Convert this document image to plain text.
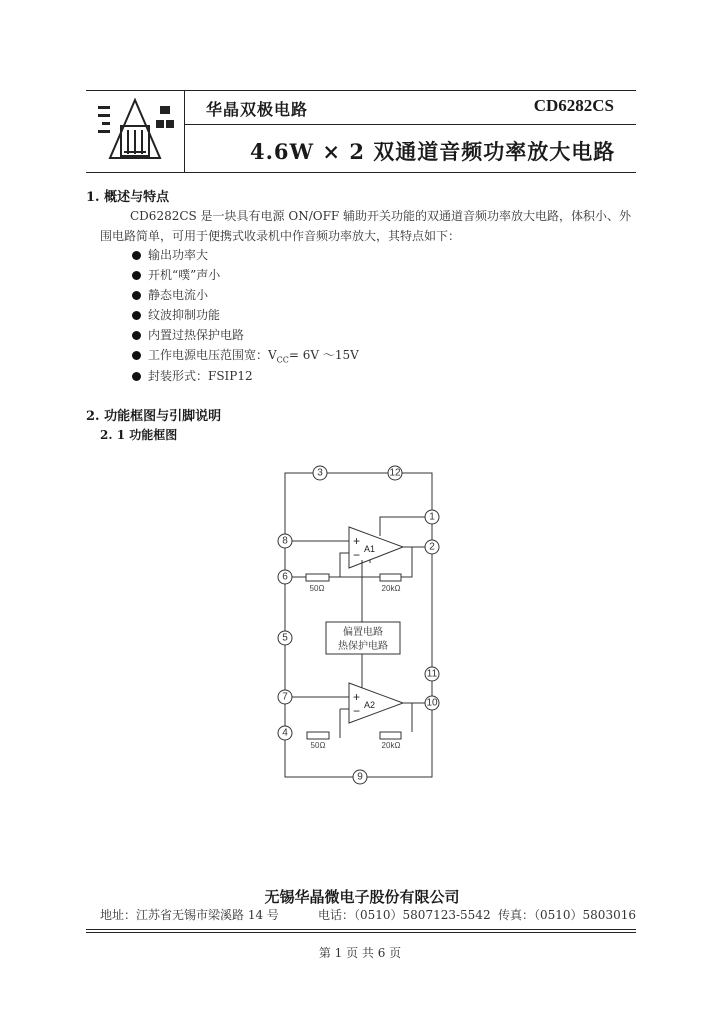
华晶
华晶双极电路	CD6282CS
4.6W × 2 双通道音频功率放大电路
1. 概述与特点
CD6282CS 是一块具有电源 ON/OFF 辅助开关功能的双通道音频功率放大电路，体积小、外
围电路简单，可用于便携式收录机中作音频功率放大，其特点如下：
输出功率大
开机“噗”声小
静态电流小
纹波抑制功能
内置过热保护电路
工作电源电压范围宽：$V_{CC}= 6V$ ～15V
封装形式：FSIP12
2. 功能框图与引脚说明
2. 1 功能框图
50Ω	20kΩ
50Ω	20kΩ
+
− A1
+
− A2
偏置电路
热保护电路
3	12
1
2
8
6
5
11
7
10
4
9
无锡华晶微电子股份有限公司
地址：江苏省无锡市梁溪路 14 号	电话：（0510）5807123-5542 传真：（0510）5803016
第 1 页 共 6 页
